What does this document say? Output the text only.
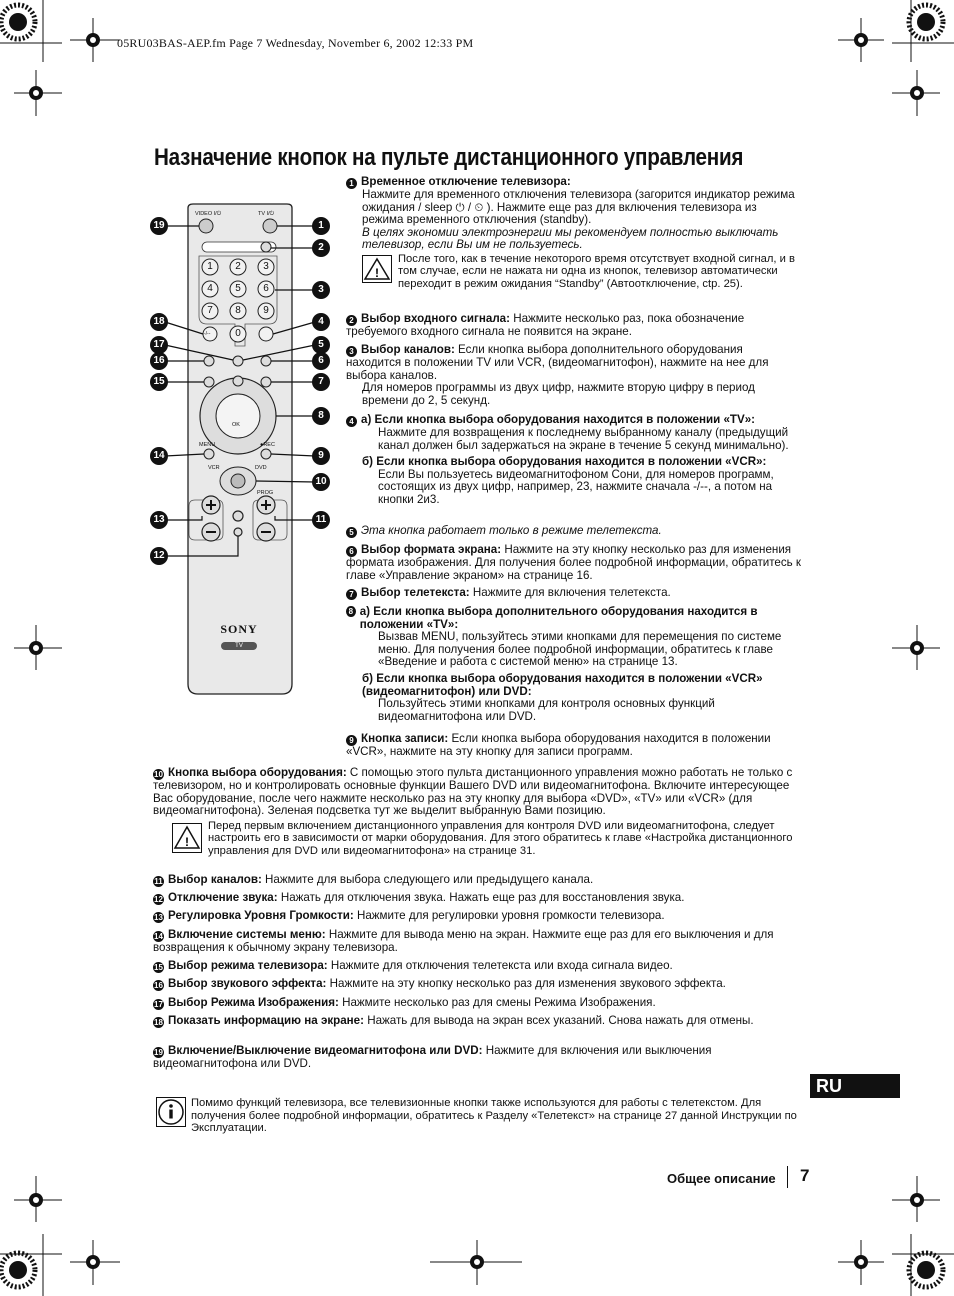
05RU03BAS-AEP.fm Page 7 Wednesday, November 6, 2002 12:33 PM
Назначение кнопок на пульте дистанционного управления
VIDEO I/⏻	TV I/⏻
MENU	●REC
VCR	DVD
PROG
OK
-/--
1 2 3
4 5 6
7 8 9
0
SONY
TV
19	1
2
3
18	4
17	5
16	6
15	7
8
14	9
10
13	11
12
1 Временное отключение телевизора:
Нажмите для временного отключения телевизора (загорится индикатор режима ожидания / sleep ⏻ / ⏲ ). Нажмите еще раз для включения телевизора из режима временного отключения (standby).
В целях экономии электроэнергии мы рекомендуем полностью выключать телевизор, если Вы им не пользуетесь.
!
После того, как в течение некоторого время отсутствует входной сигнал, и в том случае, если не нажата ни одна из кнопок, телевизор автоматически переходит в режим ожидания “Standby” (Автоотключение, ctp. 25).
2 Выбор входного сигнала: Нажмите несколько раз, пока обозначение требуемого входного сигнала не появится на экране.
3 Выбор каналов: Если кнопка выбора дополнительного оборудования находится в положении TV или VCR, (видеомагнитофон), нажмите на нее для выбора каналов.
Для номеров программы из двух цифр, нажмите вторую цифру в период времени до 2, 5 секунд.
4 а) Если кнопка выбора оборудования находится в положении «TV»:
Нажмите для возвращения к последнему выбранному каналу (предыдущий канал должен был задержаться на экране в течение 5 секунд минимально).
б) Если кнопка выбора оборудования находится в положении «VCR»:
Если Вы пользуетесь видеомагнитофоном Сони, для номеров программ, состоящих из двух цифр, например, 23, нажмите сначала -/--, а потом на кнопки 2и3.
5 Эта кнопка работает только в режиме телетекста.
6 Выбор формата экрана: Нажмите на эту кнопку несколько раз для изменения формата изображения. Для получения более подробной информации, обратитесь к главе «Управление экраном» на странице 16.
7 Выбор телетекста: Нажмите для включения телетекста.
8 а) Если кнопка выбора дополнительного оборудования находится в положении «TV»:
Вызвав MENU, пользуйтесь этими кнопками для перемещения по системе меню. Для получения более подробной информации, обратитесь к главе «Введение и работа с системой меню» на странице 13.
б) Если кнопка выбора оборудования находится в положении «VCR» (видеомагнитофон) или DVD:
Пользуйтесь этими кнопками для контроля основных функций видеомагнитофона или DVD.
9 Кнопка записи: Если кнопка выбора оборудования находится в положении «VCR», нажмите на эту кнопку для записи программ.
10 Кнопка выбора оборудования: С помощью этого пульта дистанционного управления можно работать не только с телевизором, но и контролировать основные функции Вашего DVD или видеомагнитофона. Включите интересующее Вас оборудование, после чего нажмите несколько раз на эту кнопку для выбора «DVD», «TV» или «VCR» (для видеомагнитофона). Зеленая подсветка тут же выделит выбранную Вами позицию.
!
Перед первым включением дистанционного управления для контроля DVD или видеомагнитофона, следует настроить его в зависимости от марки оборудования. Для этого обратитесь к главе «Настройка дистанционного управления для DVD или видеомагнитофона» на странице 31.
11 Выбор каналов: Нажмите для выбора следующего или предыдущего канала.
12 Отключение звука: Нажать для отключения звука. Нажать еще раз для восстановления звука.
13 Регулировка Уровня Громкости: Нажмите для регулировки уровня громкости телевизора.
14 Включение системы меню: Нажмите для вывода меню на экран. Нажмите еще раз для его выключения и для возвращения к обычному экрану телевизора.
15 Выбор режима телевизора: Нажмите для отключения телетекста или входа сигнала видео.
16 Выбор звукового эффекта: Нажмите на эту кнопку несколько раз для изменения звукового эффекта.
17 Выбор Режима Изображения: Нажмите несколько раз для смены Режима Изображения.
18 Показать информацию на экране: Нажать для вывода на экран всех указаний. Снова нажать для отмены.
19 Включение/Выключение видеомагнитофона или DVD: Нажмите для включения или выключения видеомагнитофона или DVD.
RU
Помимо функций телевизора, все телевизионные кнопки также используются для работы с телетекстом. Для получения более подробной информации, обратитесь к Разделу «Телетекст» на странице 27 данной Инструкции по Эксплуатации.
Общее описание 7
